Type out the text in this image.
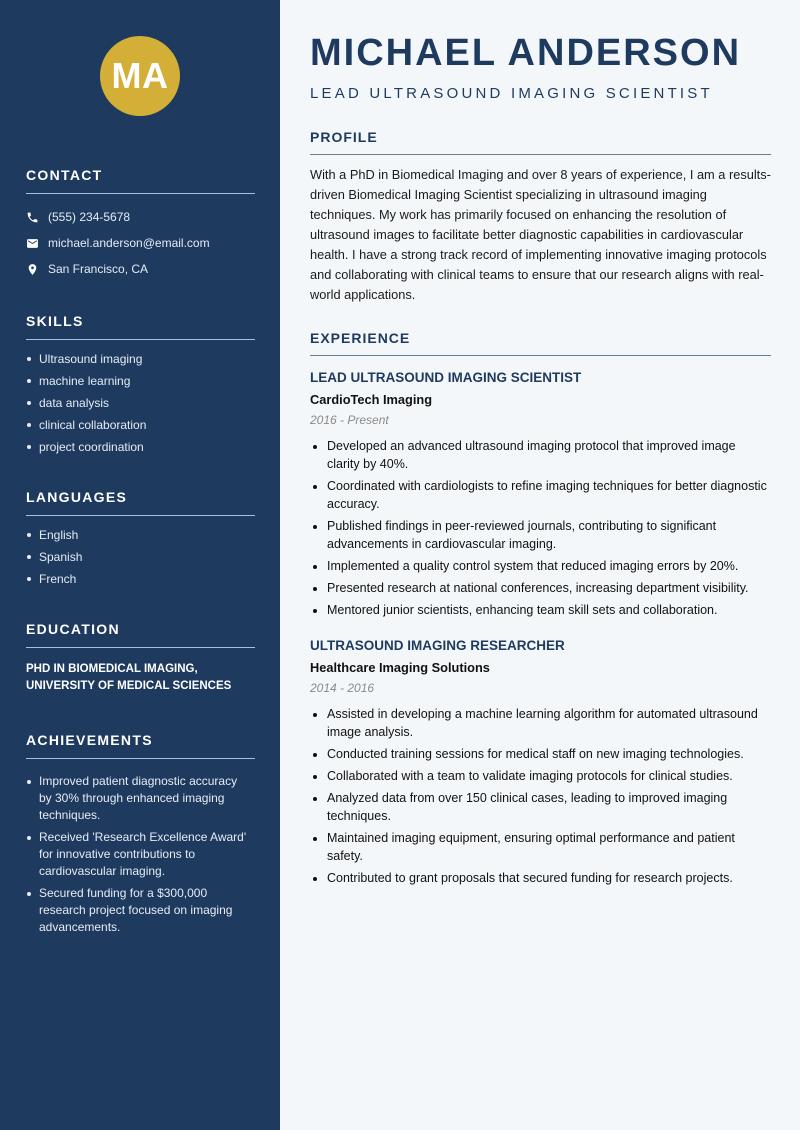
MA
CONTACT
(555) 234-5678
michael.anderson@email.com
San Francisco, CA
SKILLS
Ultrasound imaging
machine learning
data analysis
clinical collaboration
project coordination
LANGUAGES
English
Spanish
French
EDUCATION
PHD IN BIOMEDICAL IMAGING,
UNIVERSITY OF MEDICAL SCIENCES
ACHIEVEMENTS
Improved patient diagnostic accuracy by 30% through enhanced imaging techniques.
Received 'Research Excellence Award' for innovative contributions to cardiovascular imaging.
Secured funding for a $300,000 research project focused on imaging advancements.
MICHAEL ANDERSON
LEAD ULTRASOUND IMAGING SCIENTIST
PROFILE

With a PhD in Biomedical Imaging and over 8 years of experience, I am a results-driven Biomedical Imaging Scientist specializing in ultrasound imaging techniques. My work has primarily focused on enhancing the resolution of ultrasound images to facilitate better diagnostic capabilities in cardiovascular health. I have a strong track record of implementing innovative imaging protocols and collaborating with clinical teams to ensure that our research aligns with real-world applications.

EXPERIENCE
LEAD ULTRASOUND IMAGING SCIENTIST
CardioTech Imaging
2016 - Present
Developed an advanced ultrasound imaging protocol that improved image clarity by 40%.
Coordinated with cardiologists to refine imaging techniques for better diagnostic accuracy.
Published findings in peer-reviewed journals, contributing to significant advancements in cardiovascular imaging.
Implemented a quality control system that reduced imaging errors by 20%.
Presented research at national conferences, increasing department visibility.
Mentored junior scientists, enhancing team skill sets and collaboration.
ULTRASOUND IMAGING RESEARCHER
Healthcare Imaging Solutions
2014 - 2016
Assisted in developing a machine learning algorithm for automated ultrasound image analysis.
Conducted training sessions for medical staff on new imaging technologies.
Collaborated with a team to validate imaging protocols for clinical studies.
Analyzed data from over 150 clinical cases, leading to improved imaging techniques.
Maintained imaging equipment, ensuring optimal performance and patient safety.
Contributed to grant proposals that secured funding for research projects.
